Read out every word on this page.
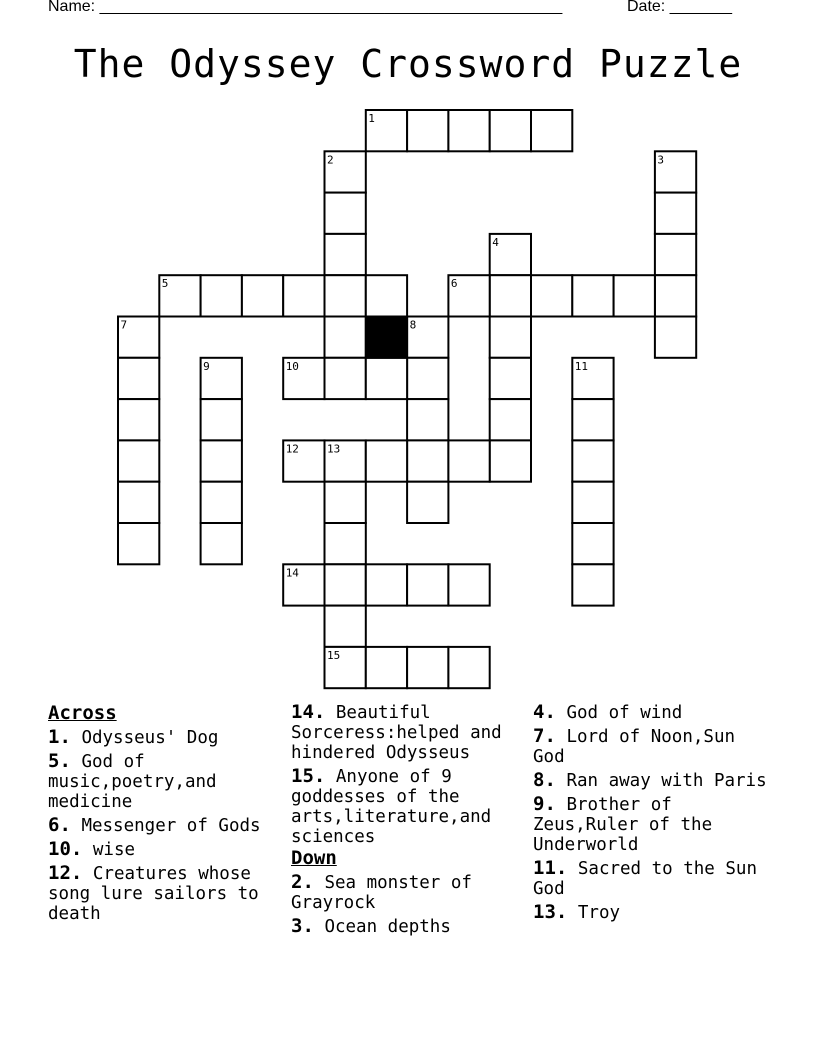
Name: ____________________________________________________	Date: _______
The Odyssey Crossword Puzzle
1
2	3
4
5	6
7	8
9	10	11
12	13
14
15
Across
1. Odysseus' Dog
5. God of music,poetry,and medicine
6. Messenger of Gods
10. wise
12. Creatures whose song lure sailors to death
14. Beautiful Sorceress:helped and hindered Odysseus
15. Anyone of 9 goddesses of the arts,literature,and sciences
Down
2. Sea monster of Grayrock
3. Ocean depths
4. God of wind
7. Lord of Noon,Sun God
8. Ran away with Paris
9. Brother of Zeus,Ruler of the Underworld
11. Sacred to the Sun God
13. Troy
